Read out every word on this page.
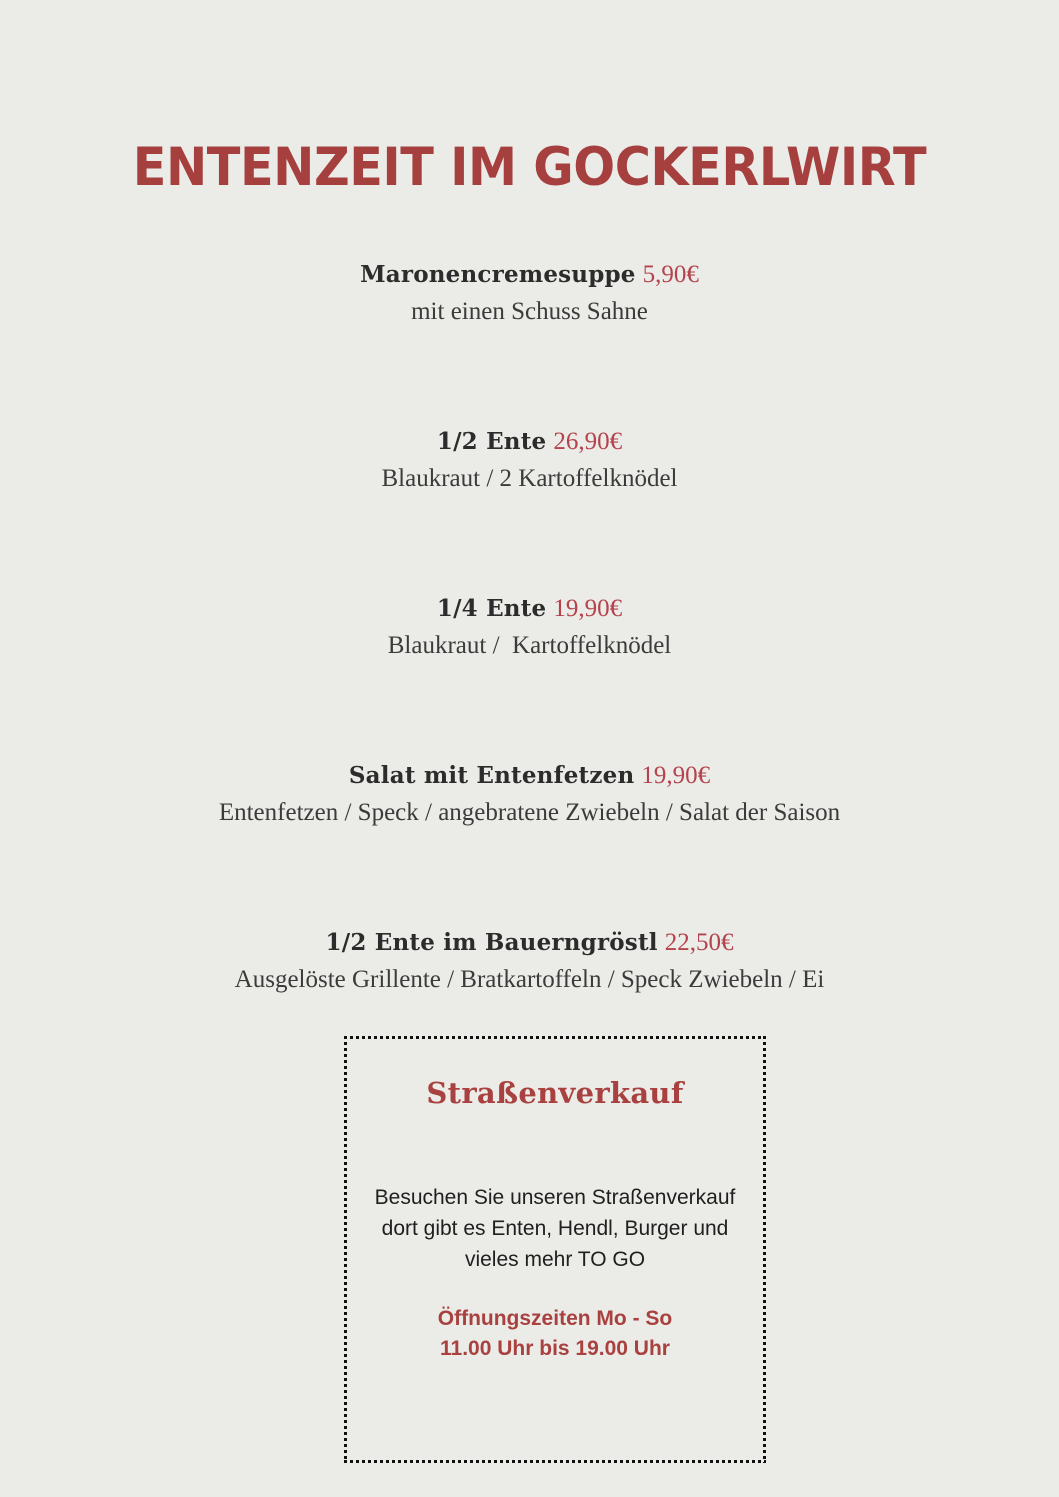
ENTENZEIT IM GOCKERLWIRT
Maronencremesuppe 5,90€
mit einen Schuss Sahne
1/2 Ente 26,90€
Blaukraut / 2 Kartoffelknödel
1/4 Ente 19,90€
Blaukraut /  Kartoffelknödel
Salat mit Entenfetzen 19,90€
Entenfetzen / Speck / angebratene Zwiebeln / Salat der Saison
1/2 Ente im Bauerngröstl 22,50€
Ausgelöste Grillente / Bratkartoffeln / Speck Zwiebeln / Ei
Straßenverkauf
Besuchen Sie unseren Straßenverkauf
dort gibt es Enten, Hendl, Burger und
vieles mehr TO GO
Öffnungszeiten Mo - So
11.00 Uhr bis 19.00 Uhr
